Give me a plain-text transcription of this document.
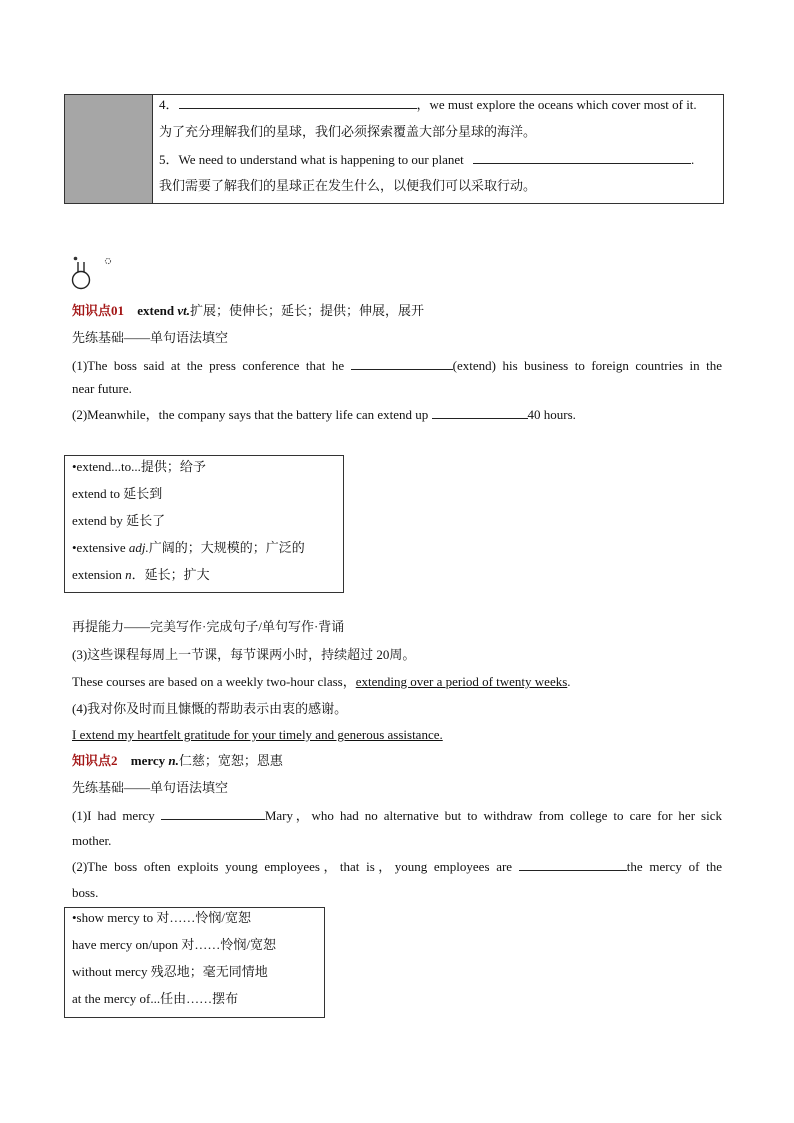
4．	，we must explore the oceans which cover most of it.
为了充分理解我们的星球，我们必须探索覆盖大部分星球的海洋。
5．We need to understand what is happening to our planet	.
我们需要了解我们的星球正在发生什么，以便我们可以采取行动。
知识点01 extend vt.扩展；使伸长；延长；提供；伸展，展开
先练基础——单句语法填空
(1)The boss said at the press conference that he	(extend) his business to foreign countries in the
near future.
(2)Meanwhile，the company says that the battery life can extend up	40 hours.
•extend...to...提供；给予
extend to 延长到
extend by 延长了
•extensive adj.广阔的；大规模的；广泛的
extension n．延长；扩大
再提能力——完美写作·完成句子/单句写作·背诵
(3)这些课程每周上一节课，每节课两小时，持续超过 20周。
These courses are based on a weekly two-hour class，extending over a period of twenty weeks.
(4)我对你及时而且慷慨的帮助表示由衷的感谢。
I extend my heartfelt gratitude for your timely and generous assistance.
知识点2 mercy n.仁慈；宽恕；恩惠
先练基础——单句语法填空
(1)I had mercy	Mary，who had no alternative but to withdraw from college to care for her sick
mother.
(2)The boss often exploits young employees，that is，young employees are	the mercy of the
boss.
•show mercy to 对……怜悯/宽恕
have mercy on/upon 对……怜悯/宽恕
without mercy 残忍地；毫无同情地
at the mercy of...任由……摆布
